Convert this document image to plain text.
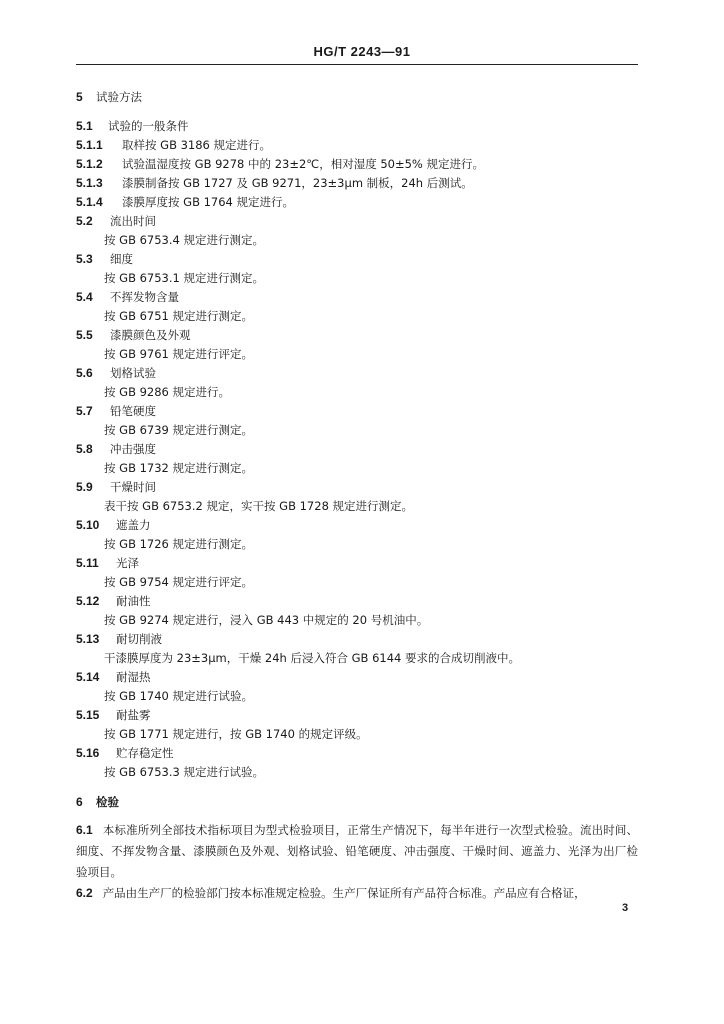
HG/T 2243—91
5 试验方法
5.1 试验的一般条件
5.1.1 取样按 GB 3186 规定进行。
5.1.2 试验温湿度按 GB 9278 中的 23±2℃，相对湿度 50±5% 规定进行。
5.1.3 漆膜制备按 GB 1727 及 GB 9271，23±3μm 制板，24h 后测试。
5.1.4 漆膜厚度按 GB 1764 规定进行。
5.2 流出时间
按 GB 6753.4 规定进行测定。
5.3 细度
按 GB 6753.1 规定进行测定。
5.4 不挥发物含量
按 GB 6751 规定进行测定。
5.5 漆膜颜色及外观
按 GB 9761 规定进行评定。
5.6 划格试验
按 GB 9286 规定进行。
5.7 铅笔硬度
按 GB 6739 规定进行测定。
5.8 冲击强度
按 GB 1732 规定进行测定。
5.9 干燥时间
表干按 GB 6753.2 规定，实干按 GB 1728 规定进行测定。
5.10 遮盖力
按 GB 1726 规定进行测定。
5.11 光泽
按 GB 9754 规定进行评定。
5.12 耐油性
按 GB 9274 规定进行，浸入 GB 443 中规定的 20 号机油中。
5.13 耐切削液
干漆膜厚度为 23±3μm，干燥 24h 后浸入符合 GB 6144 要求的合成切削液中。
5.14 耐湿热
按 GB 1740 规定进行试验。
5.15 耐盐雾
按 GB 1771 规定进行，按 GB 1740 的规定评级。
5.16 贮存稳定性
按 GB 6753.3 规定进行试验。
6 检验
6.1 本标准所列全部技术指标项目为型式检验项目，正常生产情况下，每半年进行一次型式检验。流出时间、细度、不挥发物含量、漆膜颜色及外观、划格试验、铅笔硬度、冲击强度、干燥时间、遮盖力、光泽为出厂检验项目。
6.2 产品由生产厂的检验部门按本标准规定检验。生产厂保证所有产品符合标准。产品应有合格证，
3
